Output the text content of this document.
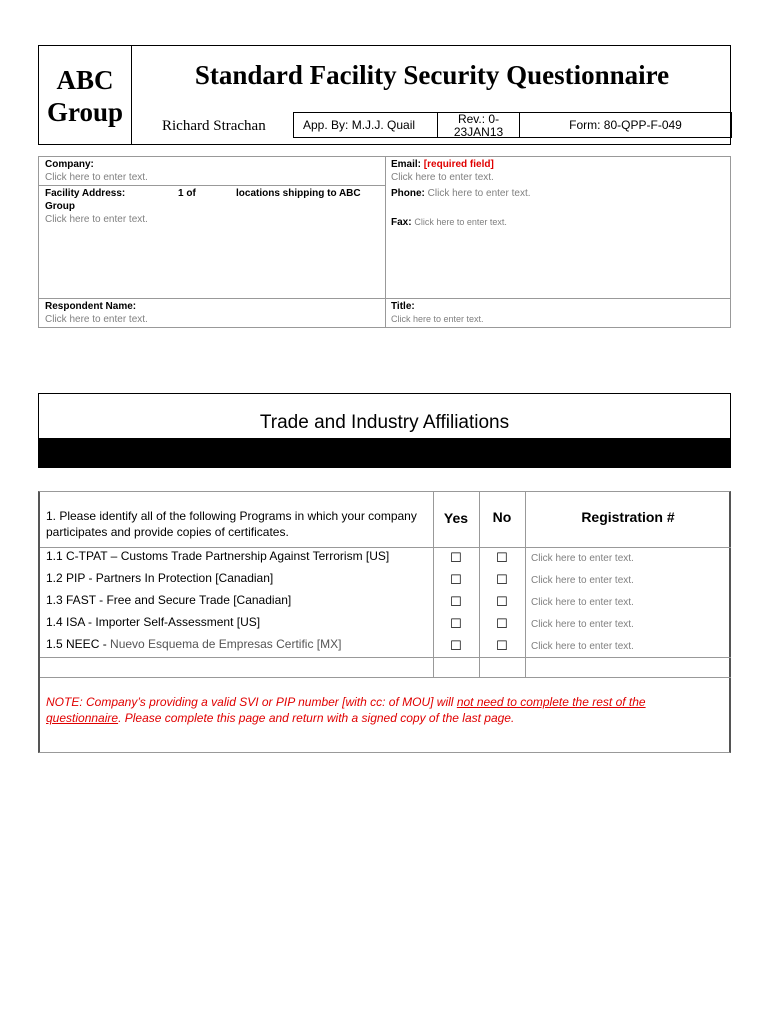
ABC Group
Standard Facility Security Questionnaire
Richard Strachan	App. By: M.J.J. Quail	Rev.: 0-23JAN13	Form: 80-QPP-F-049
Company:
Click here to enter text.
Email: [required field]
Click here to enter text.
Facility Address:
Group
1 of	locations shipping to ABC
Click here to enter text.
Phone: Click here to enter text.
Fax: Click here to enter text.
Respondent Name:
Click here to enter text.
Title:
Click here to enter text.
Trade and Industry Affiliations
1. Please identify all of the following Programs in which your company participates and provide copies of certificates.
Yes	No	Registration #
1.1 C-TPAT – Customs Trade Partnership Against Terrorism [US]	☐	☐	Click here to enter text.
1.2 PIP - Partners In Protection [Canadian]	☐	☐	Click here to enter text.
1.3 FAST - Free and Secure Trade [Canadian]	☐	☐	Click here to enter text.
1.4 ISA - Importer Self-Assessment [US]	☐	☐	Click here to enter text.
1.5 NEEC - Nuevo Esquema de Empresas Certific [MX]	☐	☐	Click here to enter text.
NOTE: Company’s providing a valid SVI or PIP number [with cc: of MOU] will not need to complete the rest of the questionnaire. Please complete this page and return with a signed copy of the last page.
